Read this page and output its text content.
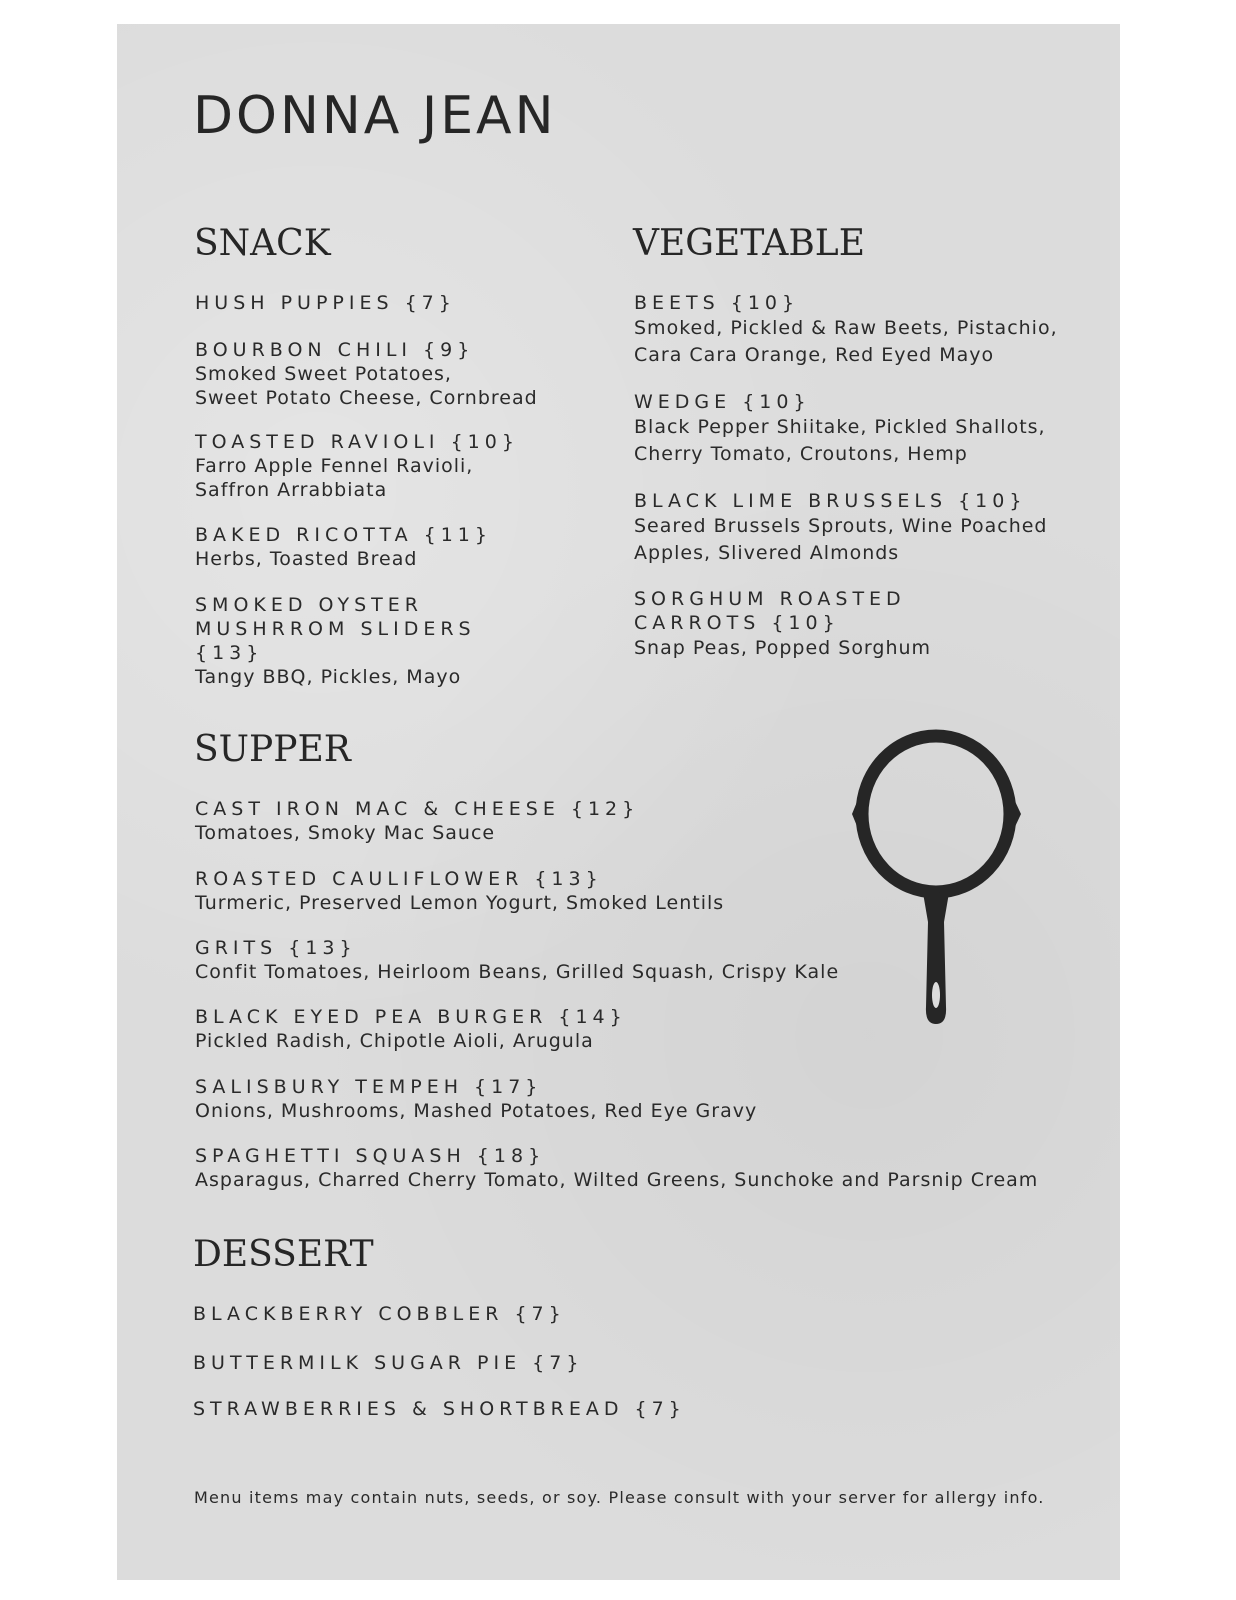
DONNA JEAN
SNACK
HUSH PUPPIES {7}
BOURBON CHILI {9}
Smoked Sweet Potatoes,
Sweet Potato Cheese, Cornbread
TOASTED RAVIOLI {10}
Farro Apple Fennel Ravioli,
Saffron Arrabbiata
BAKED RICOTTA {11}
Herbs, Toasted Bread
SMOKED OYSTER MUSHRROM SLIDERS {13}
Tangy BBQ, Pickles, Mayo
VEGETABLE
BEETS {10}
Smoked, Pickled & Raw Beets, Pistachio,
Cara Cara Orange, Red Eyed Mayo
WEDGE {10}
Black Pepper Shiitake, Pickled Shallots,
Cherry Tomato, Croutons, Hemp
BLACK LIME BRUSSELS {10}
Seared Brussels Sprouts, Wine Poached
Apples, Slivered Almonds
SORGHUM ROASTED CARROTS {10}
Snap Peas, Popped Sorghum
SUPPER
CAST IRON MAC & CHEESE {12}
Tomatoes, Smoky Mac Sauce
ROASTED CAULIFLOWER {13}
Turmeric, Preserved Lemon Yogurt, Smoked Lentils
GRITS {13}
Confit Tomatoes, Heirloom Beans, Grilled Squash, Crispy Kale
BLACK EYED PEA BURGER {14}
Pickled Radish, Chipotle Aioli, Arugula
SALISBURY TEMPEH {17}
Onions, Mushrooms, Mashed Potatoes, Red Eye Gravy
SPAGHETTI SQUASH {18}
Asparagus, Charred Cherry Tomato, Wilted Greens, Sunchoke and Parsnip Cream
DESSERT
BLACKBERRY COBBLER {7}
BUTTERMILK SUGAR PIE {7}
STRAWBERRIES & SHORTBREAD {7}
Menu items may contain nuts, seeds, or soy. Please consult with your server for allergy info.
